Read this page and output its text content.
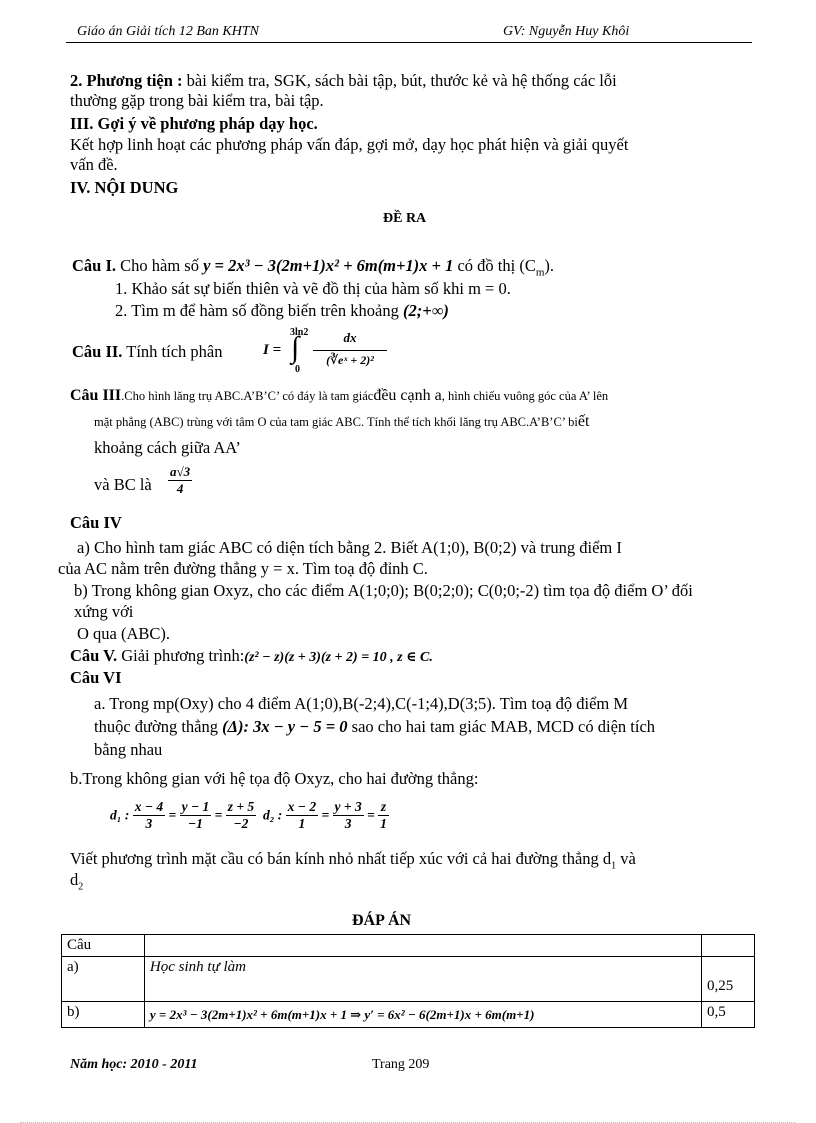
Giáo án Giải tích 12 Ban KHTN	GV: Nguyễn Huy Khôi
2. Phương tiện : bài kiểm tra, SGK, sách bài tập, bút, thước kẻ và hệ thống các lỗi
thường gặp trong bài kiểm tra, bài tập.
III. Gợi ý về phương pháp dạy học.
Kết hợp linh hoạt các phương pháp vấn đáp, gợi mở, dạy học phát hiện và giải quyết
vấn đề.
IV. NỘI DUNG
ĐỀ RA
Câu I. Cho hàm số y = 2x³ − 3(2m+1)x² + 6m(m+1)x + 1 có đồ thị $(C_m)$.
1. Khảo sát sự biến thiên và vẽ đồ thị của hàm số khi m = 0.
2. Tìm m để hàm số đồng biến trên khoảng (2;+∞)
Câu II. Tính tích phân	I =
3ln2
∫
0
dx
(∛eˣ + 2)²
Câu III.Cho hình lăng trụ ABC.A’B’C’ có đáy là tam giácđều cạnh a, hình chiếu vuông góc của A’ lên
mặt phẳng (ABC) trùng với tâm O của tam giác ABC. Tính thể tích khối lăng trụ ABC.A’B’C’ biết
khoảng cách giữa AA’
và BC là $\frac{a√3}{4}$
Câu IV
a) Cho hình tam giác ABC có diện tích bằng 2. Biết A(1;0), B(0;2) và trung điểm I
của AC nằm trên đường thẳng y = x. Tìm toạ độ đỉnh C.
b) Trong không gian Oxyz, cho các điểm A(1;0;0); B(0;2;0); C(0;0;-2) tìm tọa độ điểm O’ đối
xứng với
O qua (ABC).
Câu V. Giải phương trình:(z² − z)(z + 3)(z + 2) = 10 , z ∈ C.
Câu VI
a. Trong mp(Oxy) cho 4 điểm A(1;0),B(-2;4),C(-1;4),D(3;5). Tìm toạ độ điểm M
thuộc đường thẳng (Δ): 3x − y − 5 = 0 sao cho hai tam giác MAB, MCD có diện tích
bằng nhau
b.Trong không gian với hệ tọa độ Oxyz, cho hai đường thẳng:
d₁ : $\frac{x - 4}{3} = \frac{y - 1}{-1} = \frac{z + 5}{-2} d_2$ : $\frac{x - 2}{1} = \frac{y + 3}{3} = \frac{z}{1}$
Viết phương trình mặt cầu có bán kính nhỏ nhất tiếp xúc với cả hai đường thẳng $d_1$ và
$d_2$
ĐÁP ÁN
Câu		
a)	Học sinh tự làm	0,25
b)	y = 2x³ − 3(2m+1)x² + 6m(m+1)x + 1 ⇒ y′ = 6x² − 6(2m+1)x + 6m(m+1)	0,5
Năm học: 2010 - 2011	Trang 209
